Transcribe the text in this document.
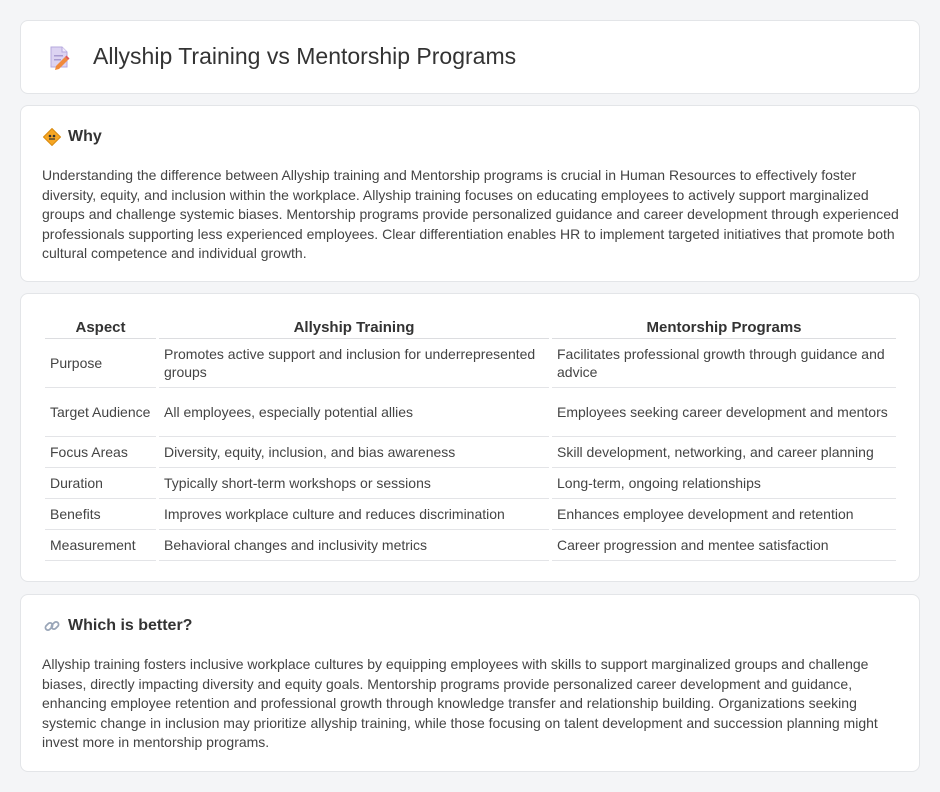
Allyship Training vs Mentorship Programs
Why

Understanding the difference between Allyship training and Mentorship programs is crucial in Human Resources to effectively foster diversity, equity, and inclusion within the workplace. Allyship training focuses on educating employees to actively support marginalized groups and challenge systemic biases. Mentorship programs provide personalized guidance and career development through experienced professionals supporting less experienced employees. Clear differentiation enables HR to implement targeted initiatives that promote both cultural competence and individual growth.

Aspect	Allyship Training	Mentorship Programs
Purpose	Promotes active support and inclusion for underrepresented groups	Facilitates professional growth through guidance and advice
Target Audience	All employees, especially potential allies	Employees seeking career development and mentors
Focus Areas	Diversity, equity, inclusion, and bias awareness	Skill development, networking, and career planning
Duration	Typically short-term workshops or sessions	Long-term, ongoing relationships
Benefits	Improves workplace culture and reduces discrimination	Enhances employee development and retention
Measurement	Behavioral changes and inclusivity metrics	Career progression and mentee satisfaction
Which is better?

Allyship training fosters inclusive workplace cultures by equipping employees with skills to support marginalized groups and challenge biases, directly impacting diversity and equity goals. Mentorship programs provide personalized career development and guidance, enhancing employee retention and professional growth through knowledge transfer and relationship building. Organizations seeking systemic change in inclusion may prioritize allyship training, while those focusing on talent development and succession planning might invest more in mentorship programs.
